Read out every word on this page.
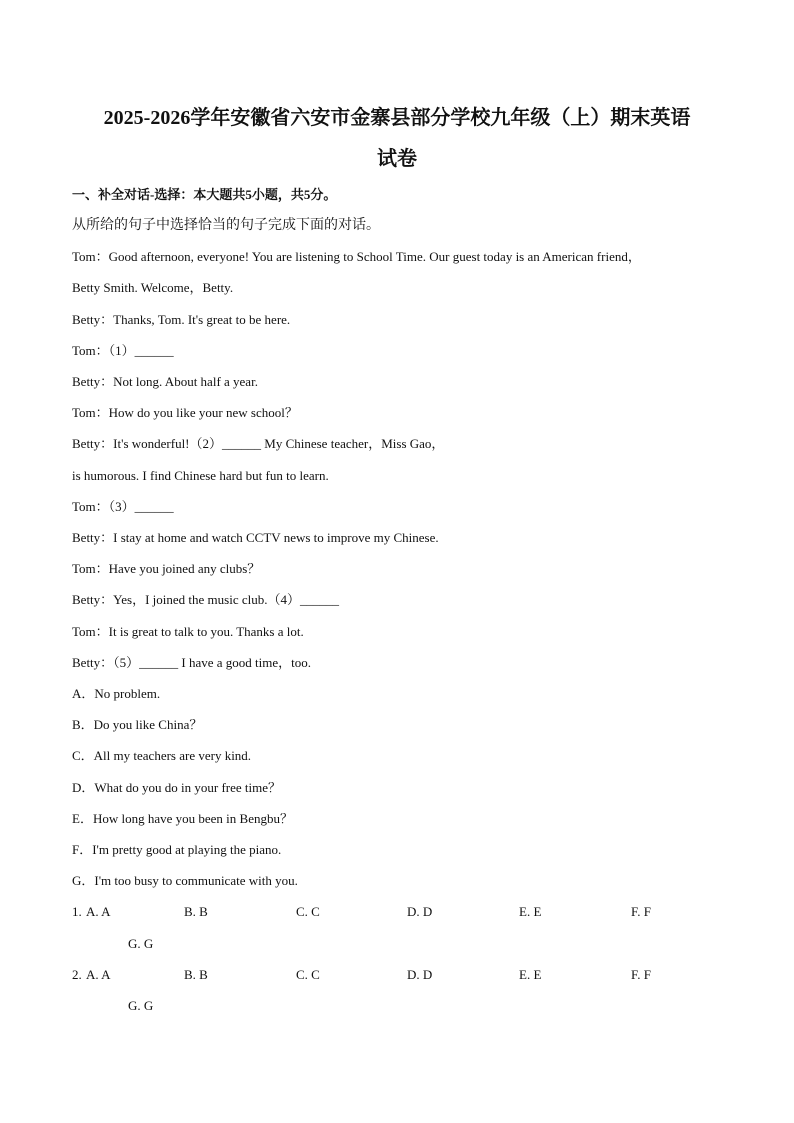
2025-2026学年安徽省六安市金寨县部分学校九年级（上）期末英语
试卷
一、补全对话-选择：本大题共5小题，共5分。
从所给的句子中选择恰当的句子完成下面的对话。
Tom：Good afternoon, everyone! You are listening to School Time. Our guest today is an American friend，
Betty Smith. Welcome，Betty.
Betty：Thanks, Tom. It's great to be here.
Tom：（1）______
Betty：Not long. About half a year.
Tom：How do you like your new school？
Betty：It's wonderful!（2）______ My Chinese teacher，Miss Gao，
is humorous. I find Chinese hard but fun to learn.
Tom：（3）______
Betty：I stay at home and watch CCTV news to improve my Chinese.
Tom：Have you joined any clubs？
Betty：Yes，I joined the music club.（4）______
Tom：It is great to talk to you. Thanks a lot.
Betty：（5）______ I have a good time，too.
A．No problem.
B．Do you like China？
C．All my teachers are very kind.
D．What do you do in your free time？
E．How long have you been in Bengbu？
F．I'm pretty good at playing the piano.
G．I'm too busy to communicate with you.
1. A. A	B. B	C. C	D. D	E. E	F. F
G. G
2. A. A	B. B	C. C	D. D	E. E	F. F
G. G
